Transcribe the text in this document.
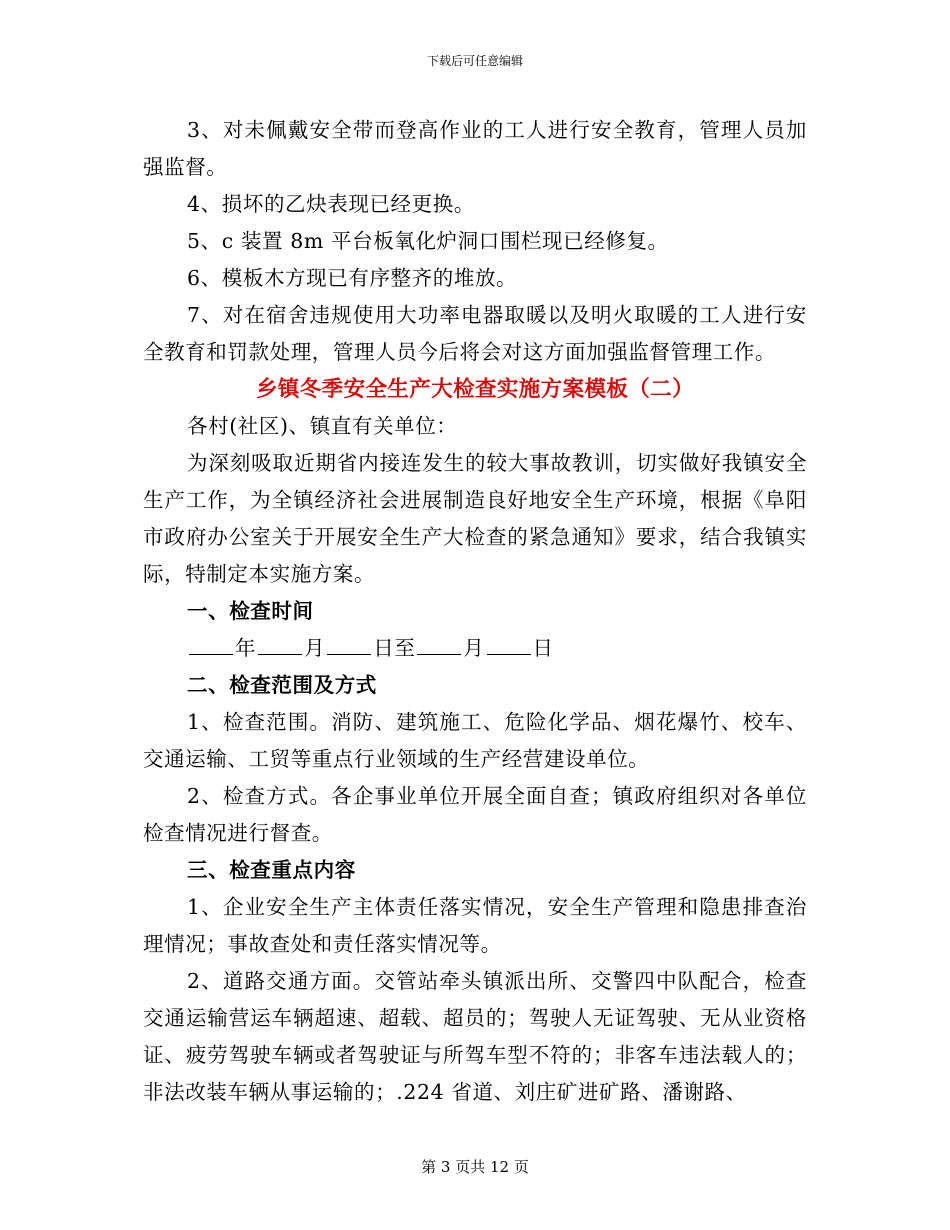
下载后可任意编辑

3、对未佩戴安全带而登高作业的工人进行安全教育，管理人员加强监督。

4、损坏的乙炔表现已经更换。

5、c 装置 8m 平台板氧化炉洞口围栏现已经修复。

6、模板木方现已有序整齐的堆放。

7、对在宿舍违规使用大功率电器取暖以及明火取暖的工人进行安全教育和罚款处理，管理人员今后将会对这方面加强监督管理工作。

乡镇冬季安全生产大检查实施方案模板（二）

各村(社区)、镇直有关单位：

为深刻吸取近期省内接连发生的较大事故教训，切实做好我镇安全生产工作，为全镇经济社会进展制造良好地安全生产环境，根据《阜阳市政府办公室关于开展安全生产大检查的紧急通知》要求，结合我镇实际，特制定本实施方案。

一、检查时间

年 月 日至 月 日

二、检查范围及方式

1、检查范围。消防、建筑施工、危险化学品、烟花爆竹、校车、交通运输、工贸等重点行业领域的生产经营建设单位。

2、检查方式。各企事业单位开展全面自查；镇政府组织对各单位检查情况进行督查。

三、检查重点内容

1、企业安全生产主体责任落实情况，安全生产管理和隐患排查治理情况；事故查处和责任落实情况等。

2、道路交通方面。交管站牵头镇派出所、交警四中队配合，检查交通运输营运车辆超速、超载、超员的；驾驶人无证驾驶、无从业资格证、疲劳驾驶车辆或者驾驶证与所驾车型不符的；非客车违法载人的；非法改装车辆从事运输的；.224 省道、刘庄矿进矿路、潘谢路、

第 3 页共 12 页
